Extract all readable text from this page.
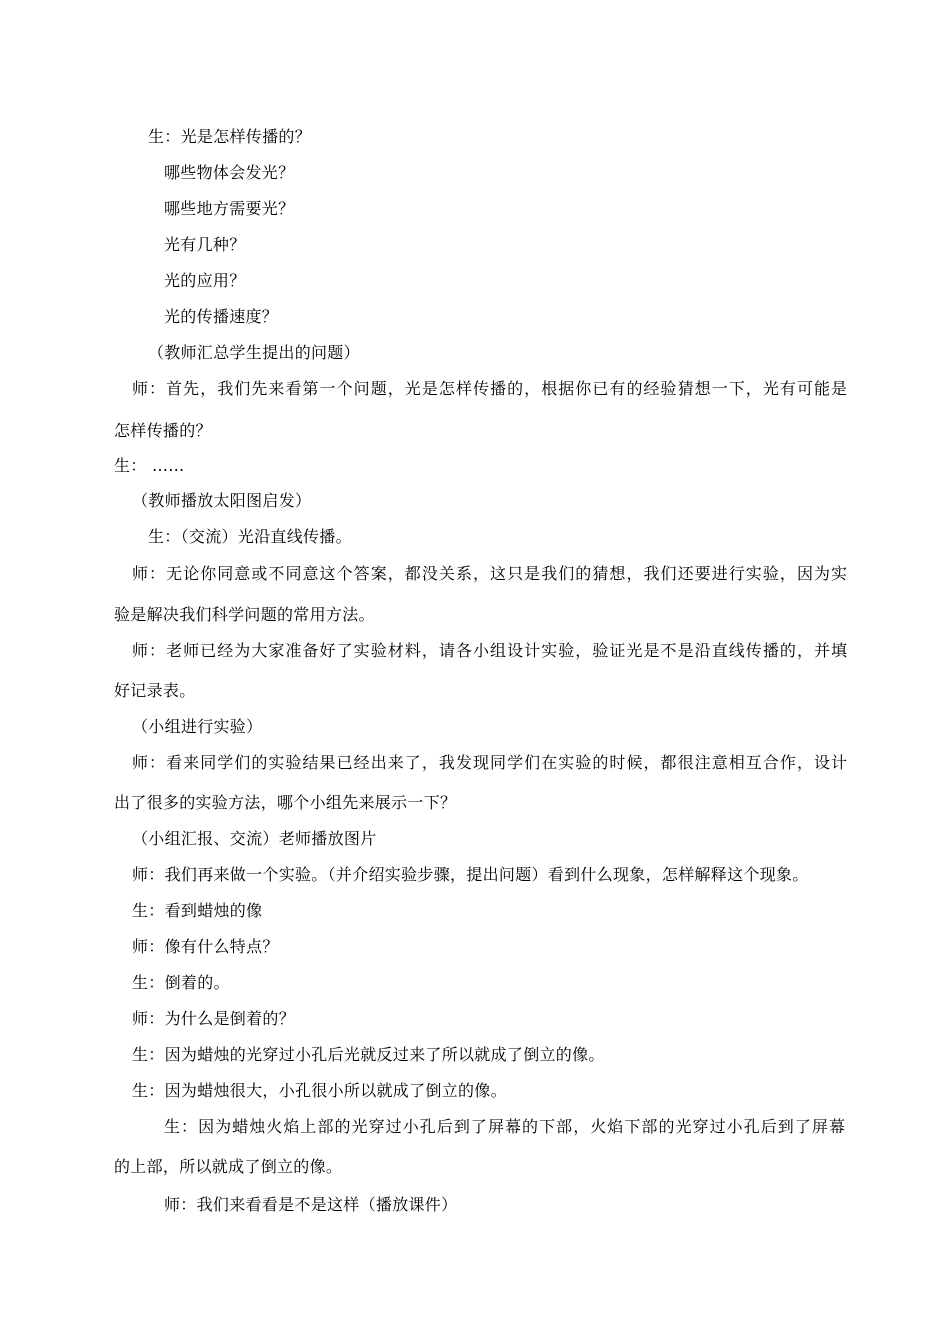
生：光是怎样传播的？
哪些物体会发光？
哪些地方需要光？
光有几种？
光的应用？
光的传播速度？
（教师汇总学生提出的问题）
师：首先，我们先来看第一个问题，光是怎样传播的，根据你已有的经验猜想一下，光有可能是
怎样传播的？
生： ……
（教师播放太阳图启发）
生：（交流）光沿直线传播。
师：无论你同意或不同意这个答案，都没关系，这只是我们的猜想，我们还要进行实验，因为实
验是解决我们科学问题的常用方法。
师：老师已经为大家准备好了实验材料，请各小组设计实验，验证光是不是沿直线传播的，并填
好记录表。
（小组进行实验）
师：看来同学们的实验结果已经出来了，我发现同学们在实验的时候，都很注意相互合作，设计
出了很多的实验方法，哪个小组先来展示一下？
（小组汇报、交流）老师播放图片
师：我们再来做一个实验。（并介绍实验步骤，提出问题）看到什么现象，怎样解释这个现象。
生：看到蜡烛的像
师：像有什么特点？
生：倒着的。
师：为什么是倒着的？
生：因为蜡烛的光穿过小孔后光就反过来了所以就成了倒立的像。
生：因为蜡烛很大，小孔很小所以就成了倒立的像。
生：因为蜡烛火焰上部的光穿过小孔后到了屏幕的下部，火焰下部的光穿过小孔后到了屏幕
的上部，所以就成了倒立的像。
师：我们来看看是不是这样（播放课件）
